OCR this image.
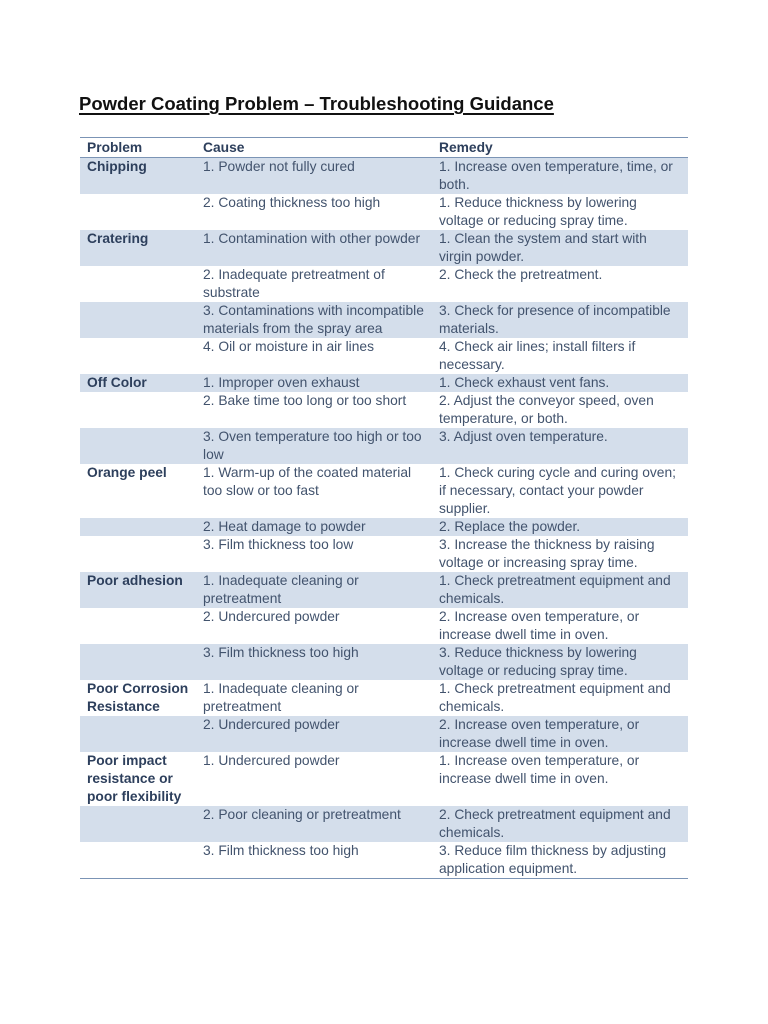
Powder Coating Problem – Troubleshooting Guidance
Problem	Cause	Remedy
Chipping	1. Powder not fully cured	1. Increase oven temperature, time, or both.
	2. Coating thickness too high	1. Reduce thickness by lowering voltage or reducing spray time.
Cratering	1. Contamination with other powder	1. Clean the system and start with virgin powder.
	2. Inadequate pretreatment of substrate	2. Check the pretreatment.
	3. Contaminations with incompatible materials from the spray area	3. Check for presence of incompatible materials.
	4. Oil or moisture in air lines	4. Check air lines; install filters if necessary.
Off Color	1. Improper oven exhaust	1. Check exhaust vent fans.
	2. Bake time too long or too short	2. Adjust the conveyor speed, oven temperature, or both.
	3. Oven temperature too high or too low	3. Adjust oven temperature.
Orange peel	1. Warm-up of the coated material too slow or too fast	1. Check curing cycle and curing oven; if necessary, contact your powder supplier.
	2. Heat damage to powder	2. Replace the powder.
	3. Film thickness too low	3. Increase the thickness by raising voltage or increasing spray time.
Poor adhesion	1. Inadequate cleaning or pretreatment	1. Check pretreatment equipment and chemicals.
	2. Undercured powder	2. Increase oven temperature, or increase dwell time in oven.
	3. Film thickness too high	3. Reduce thickness by lowering voltage or reducing spray time.
Poor Corrosion Resistance	1. Inadequate cleaning or pretreatment	1. Check pretreatment equipment and chemicals.
	2. Undercured powder	2. Increase oven temperature, or increase dwell time in oven.
Poor impact resistance or poor flexibility	1. Undercured powder	1. Increase oven temperature, or increase dwell time in oven.
	2. Poor cleaning or pretreatment	2. Check pretreatment equipment and chemicals.
	3. Film thickness too high	3. Reduce film thickness by adjusting application equipment.
